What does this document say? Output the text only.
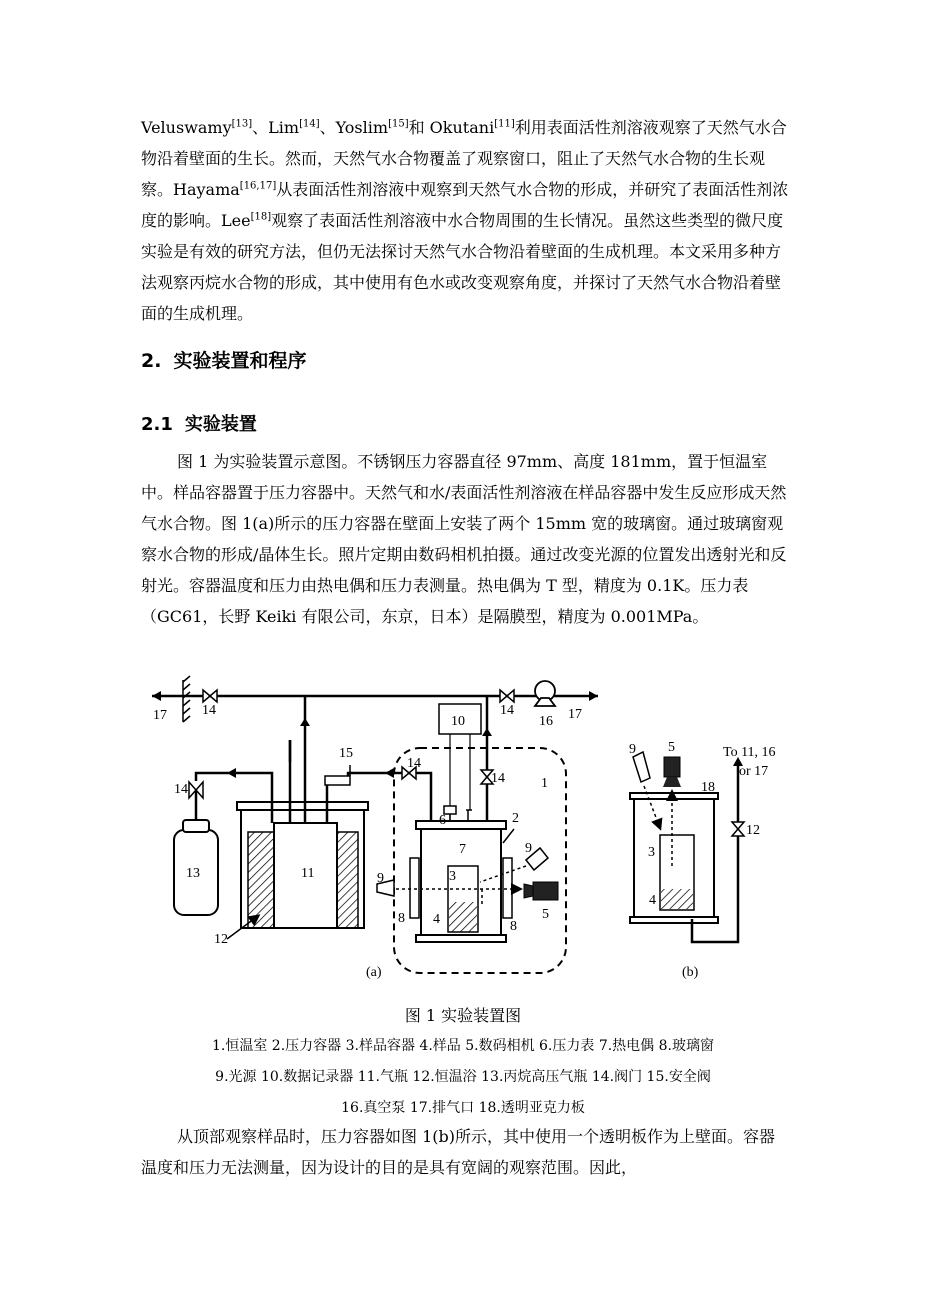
Veluswamy[13]、Lim[14]、Yoslim[15]和 Okutani[11]利用表面活性剂溶液观察了天然气水合物沿着壁面的生长。然而，天然气水合物覆盖了观察窗口，阻止了天然气水合物的生长观察。Hayama[16,17]从表面活性剂溶液中观察到天然气水合物的形成，并研究了表面活性剂浓度的影响。Lee[18]观察了表面活性剂溶液中水合物周围的生长情况。虽然这些类型的微尺度实验是有效的研究方法，但仍无法探讨天然气水合物沿着壁面的生成机理。本文采用多种方法观察丙烷水合物的形成，其中使用有色水或改变观察角度，并探讨了天然气水合物沿着壁面的生成机理。

2. 实验装置和程序
2.1 实验装置

图 1 为实验装置示意图。不锈钢压力容器直径 97mm、高度 181mm，置于恒温室中。样品容器置于压力容器中。天然气和水/表面活性剂溶液在样品容器中发生反应形成天然气水合物。图 1(a)所示的压力容器在壁面上安装了两个 15mm 宽的玻璃窗。通过玻璃窗观察水合物的形成/晶体生长。照片定期由数码相机拍摄。通过改变光源的位置发出透射光和反射光。容器温度和压力由热电偶和压力表测量。热电偶为 T 型，精度为 0.1K。压力表（GC61，长野 Keiki 有限公司，东京，日本）是隔膜型，精度为 0.001MPa。

17	14	14
16 17
10
15
14
14	1
14
6	2
7	9
3
9
4
8
8
5
13	11
12
9 5
18
12
3
4
To 11, 16
or 17
(a)	(b)
图 1 实验装置图
1.恒温室 2.压力容器 3.样品容器 4.样品 5.数码相机 6.压力表 7.热电偶 8.玻璃窗
9.光源 10.数据记录器 11.气瓶 12.恒温浴 13.丙烷高压气瓶 14.阀门 15.安全阀
16.真空泵 17.排气口 18.透明亚克力板

从顶部观察样品时，压力容器如图 1(b)所示，其中使用一个透明板作为上壁面。容器温度和压力无法测量，因为设计的目的是具有宽阔的观察范围。因此，
